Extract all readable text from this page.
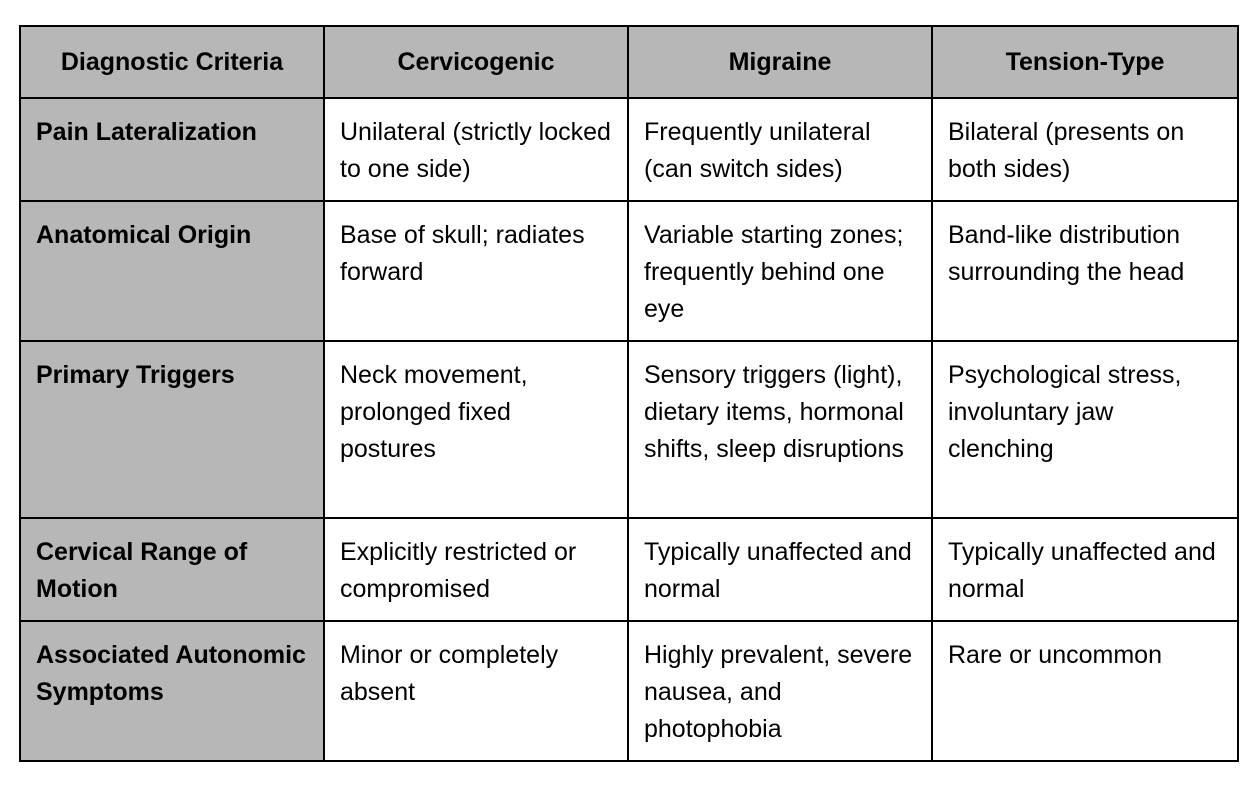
Diagnostic Criteria	Cervicogenic	Migraine	Tension-Type
Pain Lateralization	Unilateral (strictly locked to one side)	Frequently unilateral (can switch sides)	Bilateral (presents on both sides)
Anatomical Origin	Base of skull; radiates forward	Variable starting zones; frequently behind one eye	Band-like distribution surrounding the head
Primary Triggers	Neck movement, prolonged fixed postures	Sensory triggers (light), dietary items, hormonal shifts, sleep disruptions	Psychological stress, involuntary jaw clenching
Cervical Range of Motion	Explicitly restricted or compromised	Typically unaffected and normal	Typically unaffected and normal
Associated Autonomic Symptoms	Minor or completely absent	Highly prevalent, severe nausea, and photophobia	Rare or uncommon
